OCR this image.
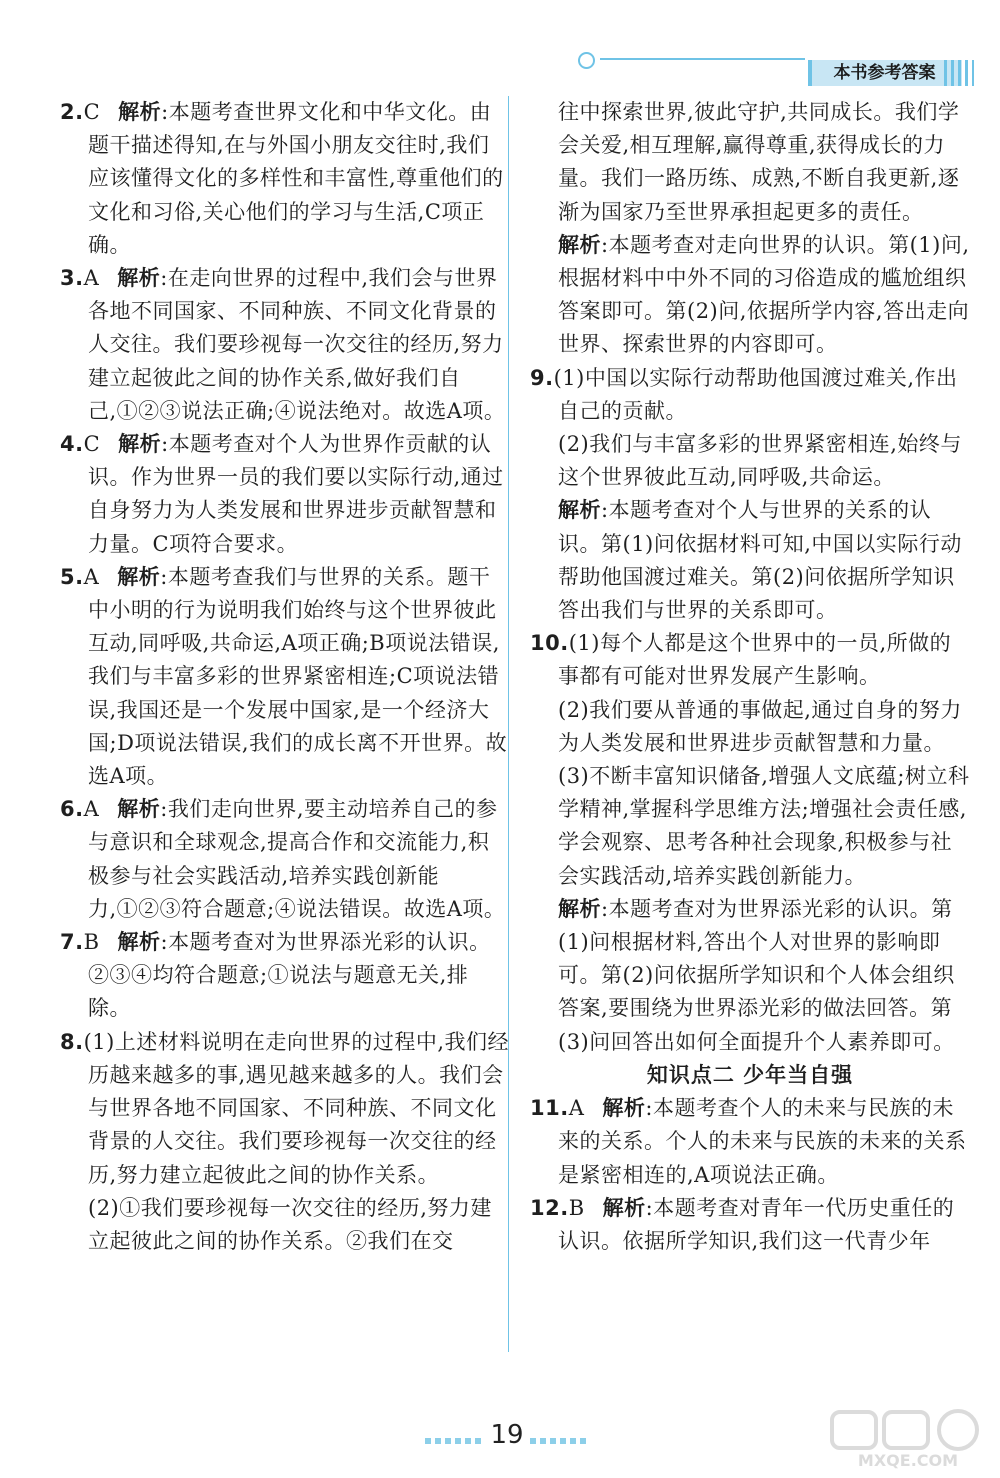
本书参考答案
2.C 解析:本题考查世界文化和中华文化。由题干描述得知,在与外国小朋友交往时,我们应该懂得文化的多样性和丰富性,尊重他们的文化和习俗,关心他们的学习与生活,C项正确。
3.A 解析:在走向世界的过程中,我们会与世界各地不同国家、不同种族、不同文化背景的人交往。我们要珍视每一次交往的经历,努力建立起彼此之间的协作关系,做好我们自己,①②③说法正确;④说法绝对。故选A项。
4.C 解析:本题考查对个人为世界作贡献的认识。作为世界一员的我们要以实际行动,通过自身努力为人类发展和世界进步贡献智慧和力量。C项符合要求。
5.A 解析:本题考查我们与世界的关系。题干中小明的行为说明我们始终与这个世界彼此互动,同呼吸,共命运,A项正确;B项说法错误,我们与丰富多彩的世界紧密相连;C项说法错误,我国还是一个发展中国家,是一个经济大国;D项说法错误,我们的成长离不开世界。故选A项。
6.A 解析:我们走向世界,要主动培养自己的参与意识和全球观念,提高合作和交流能力,积极参与社会实践活动,培养实践创新能力,①②③符合题意;④说法错误。故选A项。
7.B 解析:本题考查对为世界添光彩的认识。②③④均符合题意;①说法与题意无关,排除。
8.(1)上述材料说明在走向世界的过程中,我们经历越来越多的事,遇见越来越多的人。我们会与世界各地不同国家、不同种族、不同文化背景的人交往。我们要珍视每一次交往的经历,努力建立起彼此之间的协作关系。
(2)①我们要珍视每一次交往的经历,努力建立起彼此之间的协作关系。②我们在交
往中探索世界,彼此守护,共同成长。我们学会关爱,相互理解,赢得尊重,获得成长的力量。我们一路历练、成熟,不断自我更新,逐渐为国家乃至世界承担起更多的责任。
解析:本题考查对走向世界的认识。第(1)问,根据材料中中外不同的习俗造成的尴尬组织答案即可。第(2)问,依据所学内容,答出走向世界、探索世界的内容即可。
9.(1)中国以实际行动帮助他国渡过难关,作出自己的贡献。
(2)我们与丰富多彩的世界紧密相连,始终与这个世界彼此互动,同呼吸,共命运。
解析:本题考查对个人与世界的关系的认识。第(1)问依据材料可知,中国以实际行动帮助他国渡过难关。第(2)问依据所学知识答出我们与世界的关系即可。
10.(1)每个人都是这个世界中的一员,所做的事都有可能对世界发展产生影响。
(2)我们要从普通的事做起,通过自身的努力为人类发展和世界进步贡献智慧和力量。
(3)不断丰富知识储备,增强人文底蕴;树立科学精神,掌握科学思维方法;增强社会责任感,学会观察、思考各种社会现象,积极参与社会实践活动,培养实践创新能力。
解析:本题考查对为世界添光彩的认识。第(1)问根据材料,答出个人对世界的影响即可。第(2)问依据所学知识和个人体会组织答案,要围绕为世界添光彩的做法回答。第(3)问回答出如何全面提升个人素养即可。
知识点二 少年当自强
11.A 解析:本题考查个人的未来与民族的未来的关系。个人的未来与民族的未来的关系是紧密相连的,A项说法正确。
12.B 解析:本题考查对青年一代历史重任的认识。依据所学知识,我们这一代青少年
19
MXQE.COM
